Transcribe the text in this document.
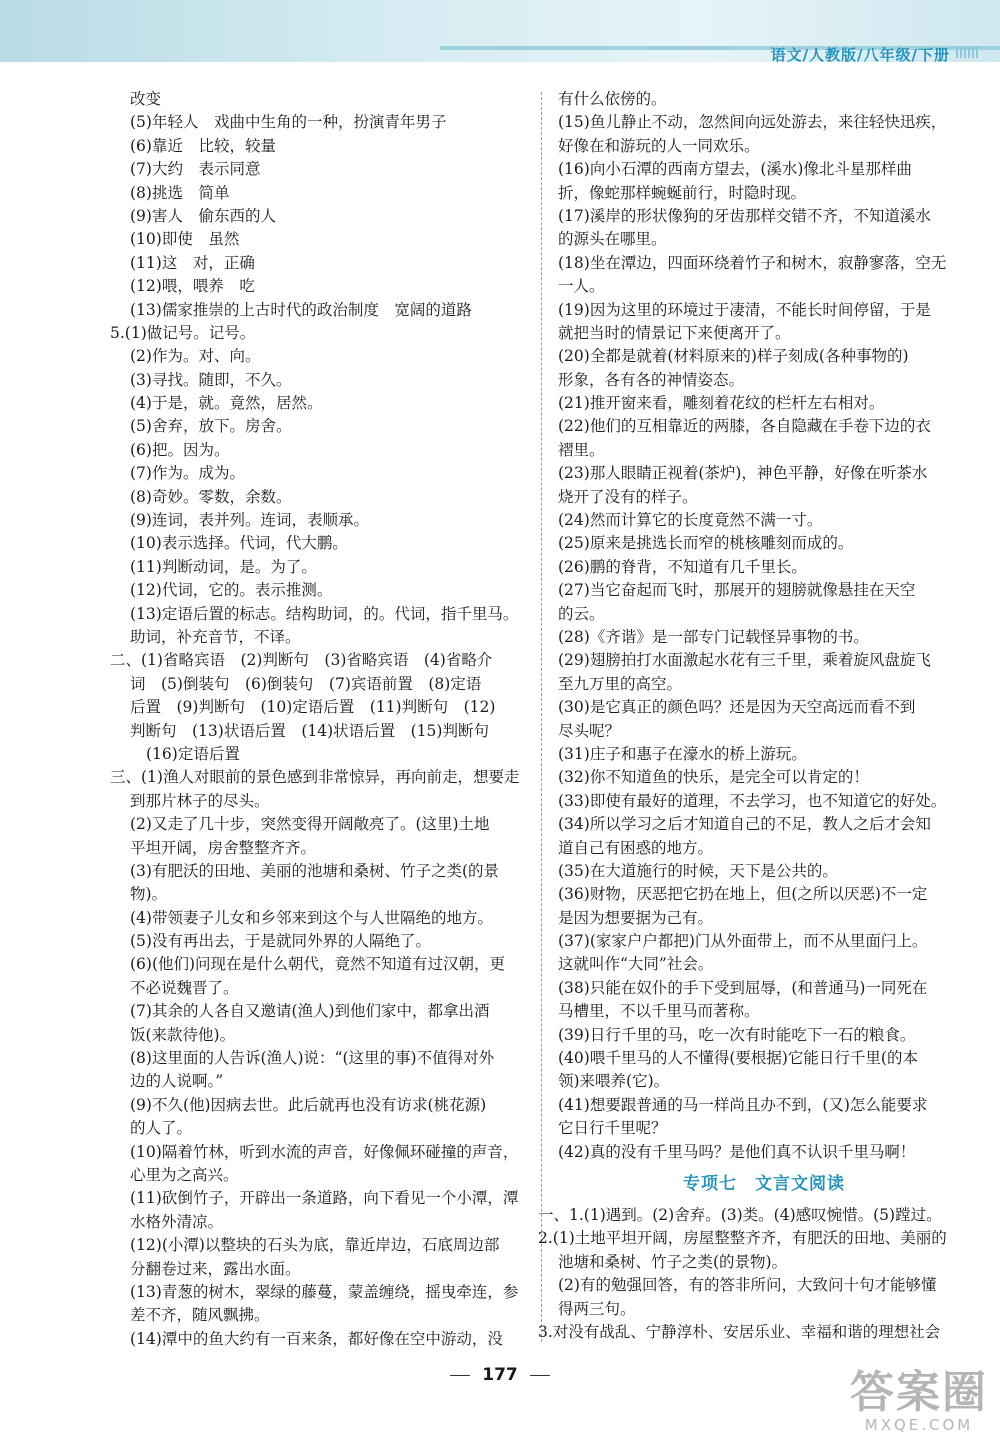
语文/人教版/八年级/下册
改变
(5)年轻人　戏曲中生角的一种，扮演青年男子
(6)靠近　比较，较量
(7)大约　表示同意
(8)挑选　简单
(9)害人　偷东西的人
(10)即使　虽然
(11)这　对，正确
(12)喂，喂养　吃
(13)儒家推崇的上古时代的政治制度　宽阔的道路
5.(1)做记号。记号。
(2)作为。对、向。
(3)寻找。随即，不久。
(4)于是，就。竟然，居然。
(5)舍弃，放下。房舍。
(6)把。因为。
(7)作为。成为。
(8)奇妙。零数，余数。
(9)连词，表并列。连词，表顺承。
(10)表示选择。代词，代大鹏。
(11)判断动词，是。为了。
(12)代词，它的。表示推测。
(13)定语后置的标志。结构助词，的。代词，指千里马。
助词，补充音节，不译。
二、(1)省略宾语　(2)判断句　(3)省略宾语　(4)省略介
词　(5)倒装句　(6)倒装句　(7)宾语前置　(8)定语
后置　(9)判断句　(10)定语后置　(11)判断句　(12)
判断句　(13)状语后置　(14)状语后置　(15)判断句
(16)定语后置
三、(1)渔人对眼前的景色感到非常惊异，再向前走，想要走
到那片林子的尽头。
(2)又走了几十步，突然变得开阔敞亮了。(这里)土地
平坦开阔，房舍整整齐齐。
(3)有肥沃的田地、美丽的池塘和桑树、竹子之类(的景
物)。
(4)带领妻子儿女和乡邻来到这个与人世隔绝的地方。
(5)没有再出去，于是就同外界的人隔绝了。
(6)(他们)问现在是什么朝代，竟然不知道有过汉朝，更
不必说魏晋了。
(7)其余的人各自又邀请(渔人)到他们家中，都拿出酒
饭(来款待他)。
(8)这里面的人告诉(渔人)说：“(这里的事)不值得对外
边的人说啊。”
(9)不久(他)因病去世。此后就再也没有访求(桃花源)
的人了。
(10)隔着竹林，听到水流的声音，好像佩环碰撞的声音，
心里为之高兴。
(11)砍倒竹子，开辟出一条道路，向下看见一个小潭，潭
水格外清凉。
(12)(小潭)以整块的石头为底，靠近岸边，石底周边部
分翻卷过来，露出水面。
(13)青葱的树木，翠绿的藤蔓，蒙盖缠绕，摇曳牵连，参
差不齐，随风飘拂。
(14)潭中的鱼大约有一百来条，都好像在空中游动，没
有什么依傍的。
(15)鱼儿静止不动，忽然间向远处游去，来往轻快迅疾，
好像在和游玩的人一同欢乐。
(16)向小石潭的西南方望去，(溪水)像北斗星那样曲
折，像蛇那样蜿蜒前行，时隐时现。
(17)溪岸的形状像狗的牙齿那样交错不齐，不知道溪水
的源头在哪里。
(18)坐在潭边，四面环绕着竹子和树木，寂静寥落，空无
一人。
(19)因为这里的环境过于凄清，不能长时间停留，于是
就把当时的情景记下来便离开了。
(20)全都是就着(材料原来的)样子刻成(各种事物的)
形象，各有各的神情姿态。
(21)推开窗来看，雕刻着花纹的栏杆左右相对。
(22)他们的互相靠近的两膝，各自隐藏在手卷下边的衣
褶里。
(23)那人眼睛正视着(茶炉)，神色平静，好像在听茶水
烧开了没有的样子。
(24)然而计算它的长度竟然不满一寸。
(25)原来是挑选长而窄的桃核雕刻而成的。
(26)鹏的脊背，不知道有几千里长。
(27)当它奋起而飞时，那展开的翅膀就像悬挂在天空
的云。
(28)《齐谐》是一部专门记载怪异事物的书。
(29)翅膀拍打水面激起水花有三千里，乘着旋风盘旋飞
至九万里的高空。
(30)是它真正的颜色吗？还是因为天空高远而看不到
尽头呢？
(31)庄子和惠子在濠水的桥上游玩。
(32)你不知道鱼的快乐，是完全可以肯定的！
(33)即使有最好的道理，不去学习，也不知道它的好处。
(34)所以学习之后才知道自己的不足，教人之后才会知
道自己有困惑的地方。
(35)在大道施行的时候，天下是公共的。
(36)财物，厌恶把它扔在地上，但(之所以厌恶)不一定
是因为想要据为己有。
(37)(家家户户都把)门从外面带上，而不从里面闩上。
这就叫作“大同”社会。
(38)只能在奴仆的手下受到屈辱，(和普通马)一同死在
马槽里，不以千里马而著称。
(39)日行千里的马，吃一次有时能吃下一石的粮食。
(40)喂千里马的人不懂得(要根据)它能日行千里(的本
领)来喂养(它)。
(41)想要跟普通的马一样尚且办不到，(又)怎么能要求
它日行千里呢？
(42)真的没有千里马吗？是他们真不认识千里马啊！
专项七　文言文阅读
一、1.(1)遇到。(2)舍弃。(3)类。(4)感叹惋惜。(5)蹚过。
2.(1)土地平坦开阔，房屋整整齐齐，有肥沃的田地、美丽的
池塘和桑树、竹子之类(的景物)。
(2)有的勉强回答，有的答非所问，大致问十句才能够懂
得两三句。
3.对没有战乱、宁静淳朴、安居乐业、幸福和谐的理想社会
177	答案圈
MXQE.COM
